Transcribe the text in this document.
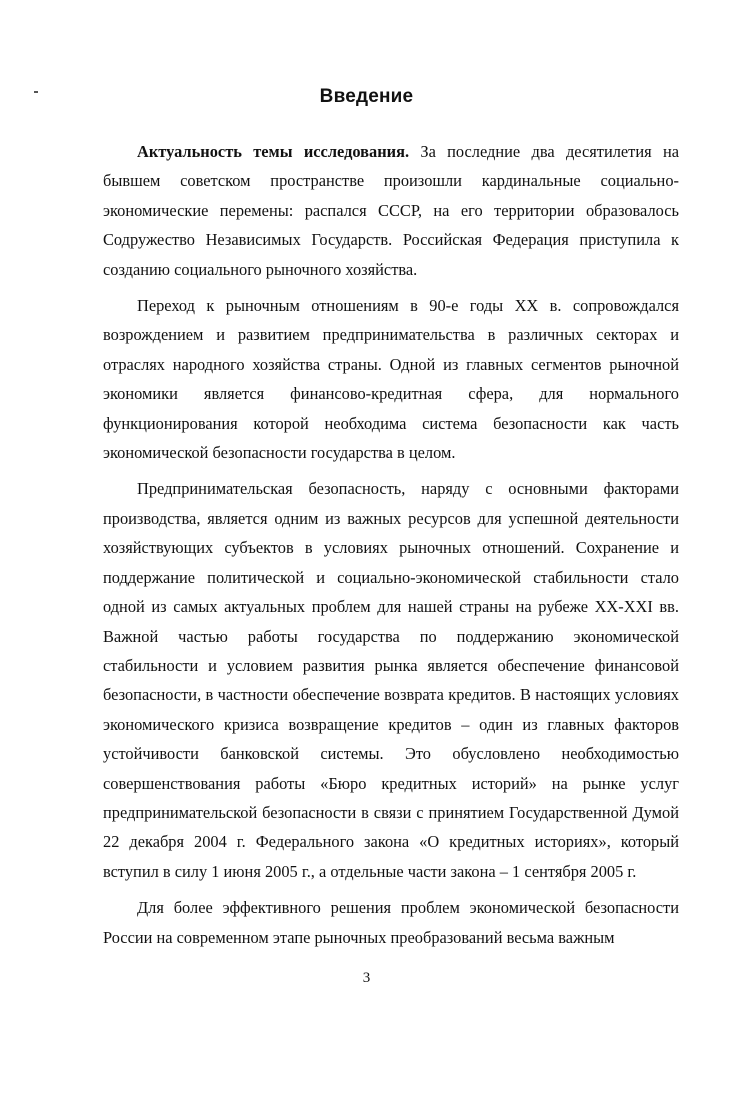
Введение

Актуальность темы исследования. За последние два десятилетия на бывшем советском пространстве произошли кардинальные социально-экономические перемены: распался СССР, на его территории образовалось Содружество Независимых Государств. Российская Федерация приступила к созданию социального рыночного хозяйства.

Переход к рыночным отношениям в 90-е годы XX в. сопровождался возрождением и развитием предпринимательства в различных секторах и отраслях народного хозяйства страны. Одной из главных сегментов рыночной экономики является финансово-кредитная сфера, для нормального функционирования которой необходима система безопасности как часть экономической безопасности государства в целом.

Предпринимательская безопасность, наряду с основными факторами производства, является одним из важных ресурсов для успешной деятельности хозяйствующих субъектов в условиях рыночных отношений. Сохранение и поддержание политической и социально-экономической стабильности стало одной из самых актуальных проблем для нашей страны на рубеже XX-XXI вв. Важной частью работы государства по поддержанию экономической стабильности и условием развития рынка является обеспечение финансовой безопасности, в частности обеспечение возврата кредитов. В настоящих условиях экономического кризиса возвращение кредитов – один из главных факторов устойчивости банковской системы. Это обусловлено необходимостью совершенствования работы «Бюро кредитных историй» на рынке услуг предпринимательской безопасности в связи с принятием Государственной Думой 22 декабря 2004 г. Федерального закона «О кредитных историях», который вступил в силу 1 июня 2005 г., а отдельные части закона – 1 сентября 2005 г.

Для более эффективного решения проблем экономической безопасности России на современном этапе рыночных преобразований весьма важным

3
